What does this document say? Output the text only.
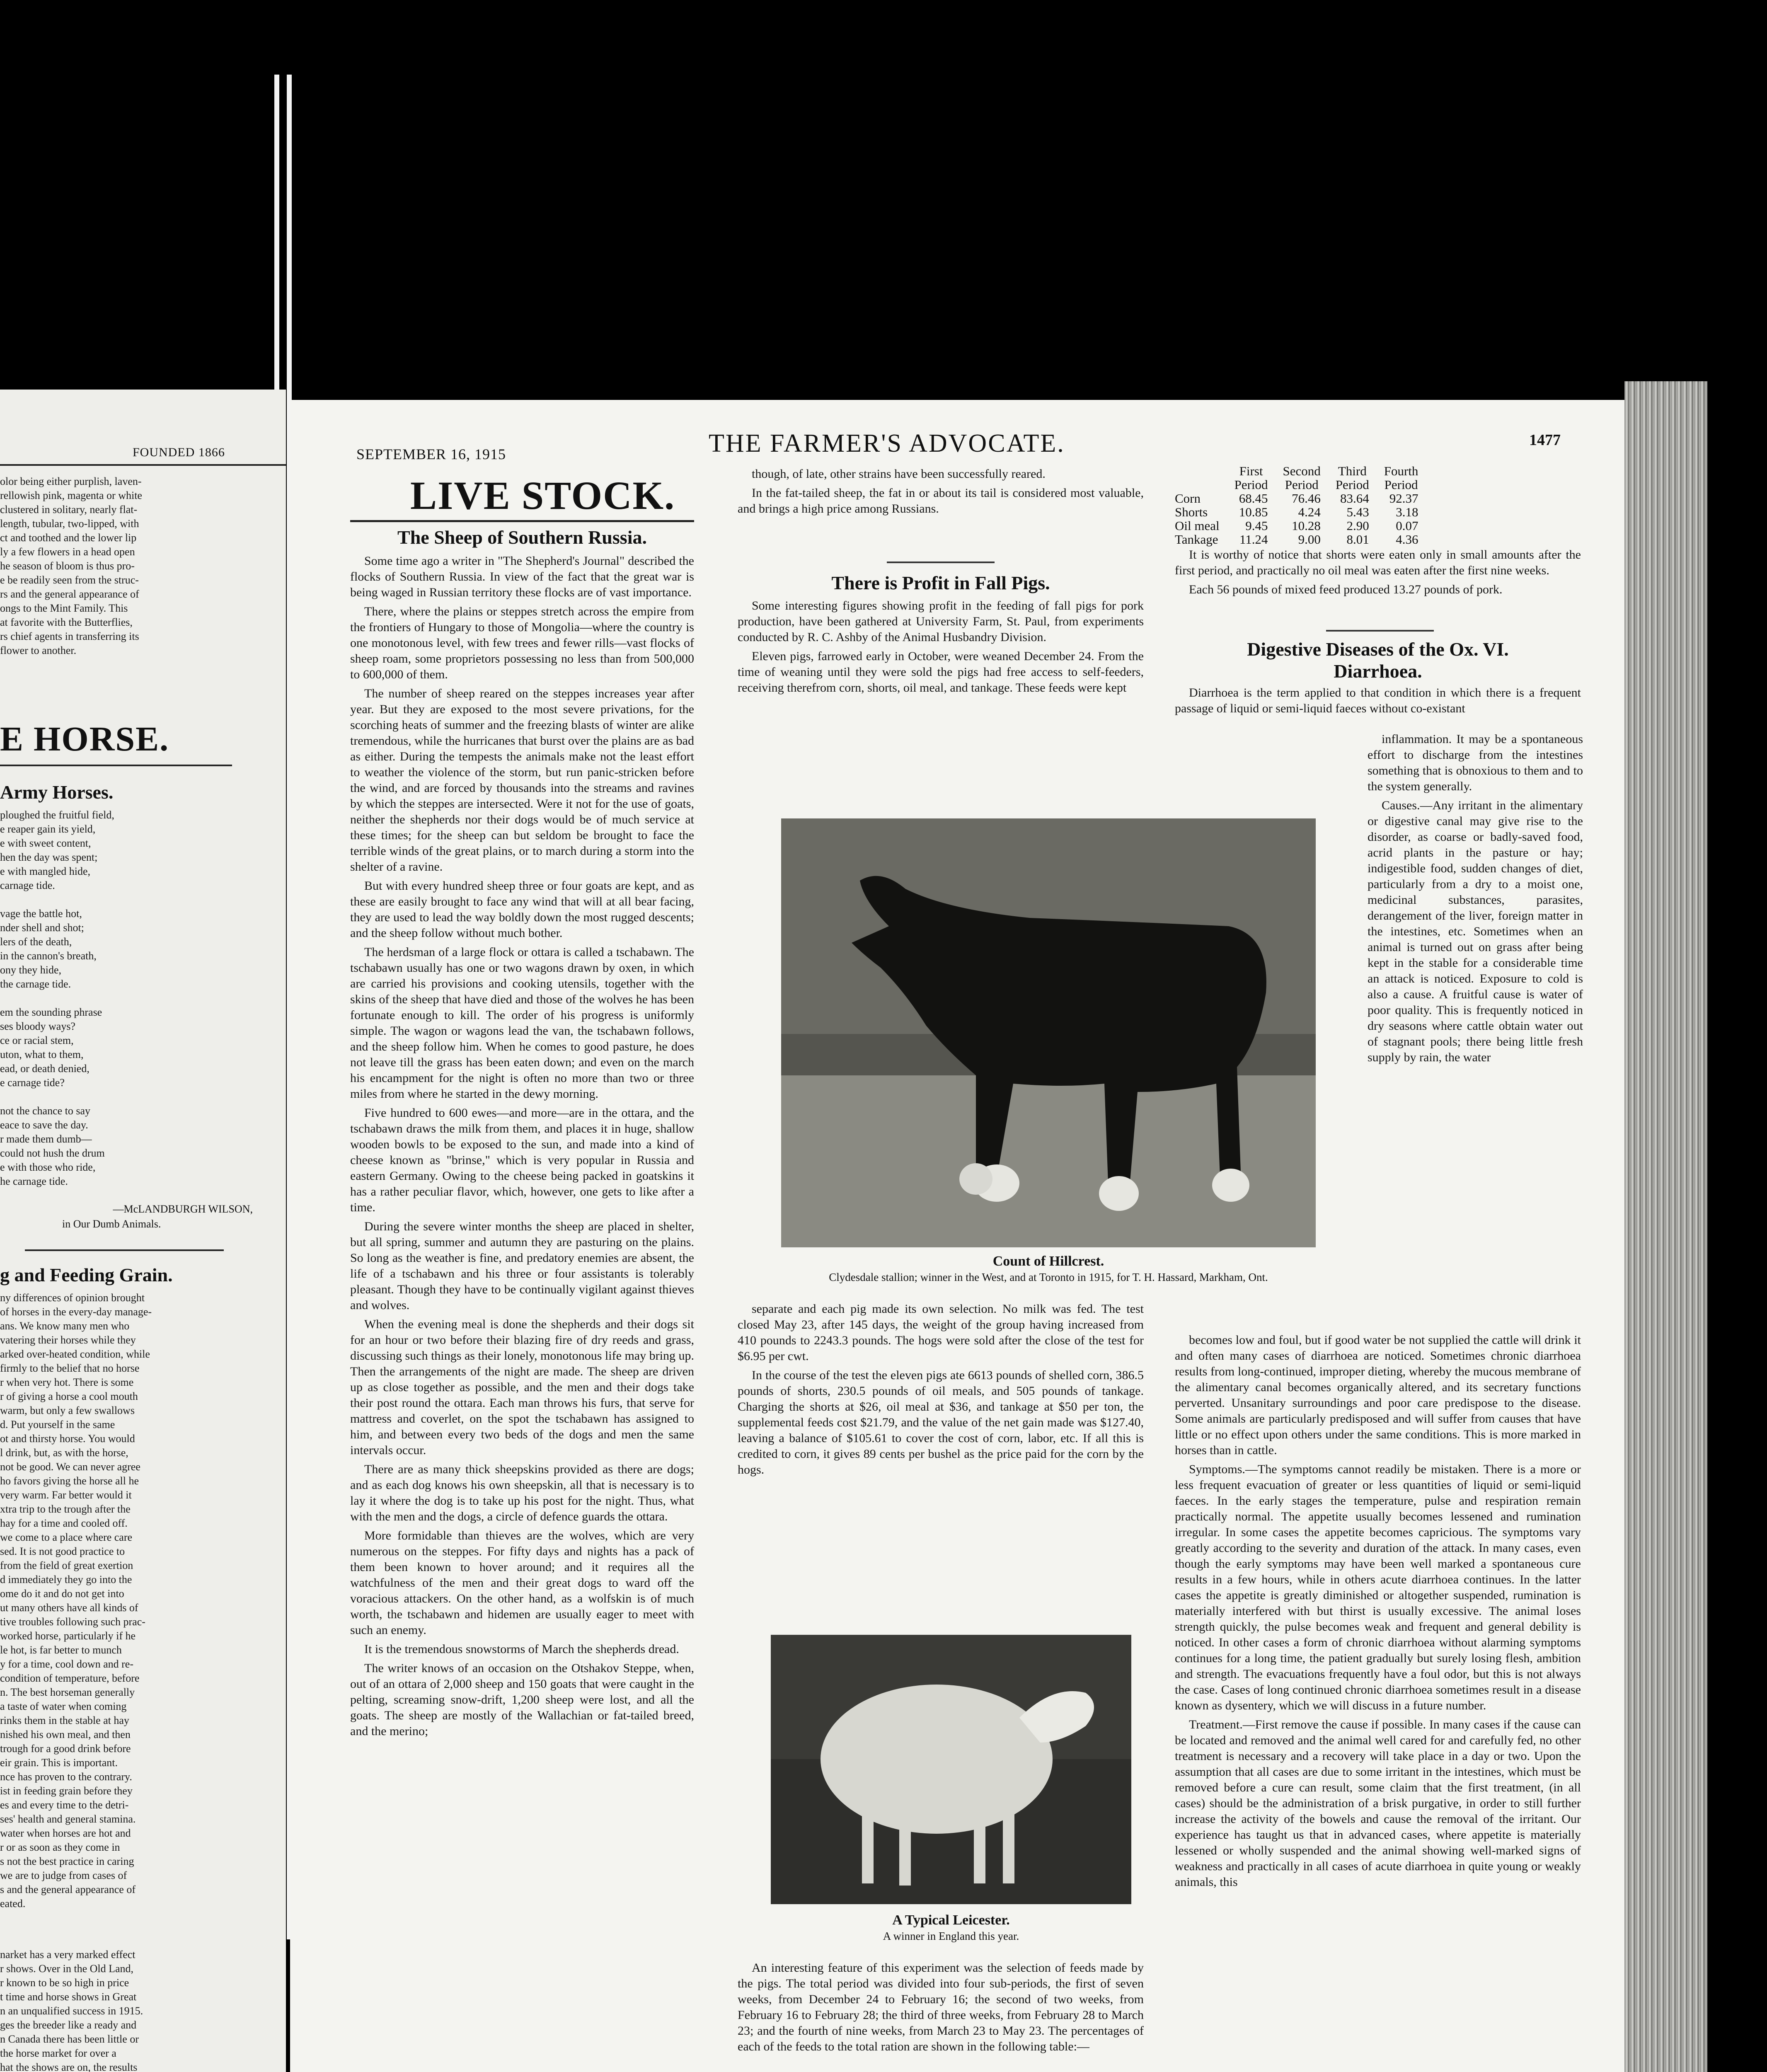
FOUNDED 1866
olor being either purplish, laven-
rellowish pink, magenta or white
clustered in solitary, nearly flat-
length, tubular, two-lipped, with
ct and toothed and the lower lip
ly a few flowers in a head open
he season of bloom is thus pro-
e be readily seen from the struc-
rs and the general appearance of
ongs to the Mint Family. This
at favorite with the Butterflies,
rs chief agents in transferring its
flower to another.
E HORSE.
Army Horses.
ploughed the fruitful field,
e reaper gain its yield,
e with sweet content,
hen the day was spent;
e with mangled hide,
carnage tide.

vage the battle hot,
nder shell and shot;
lers of the death,
in the cannon's breath,
ony they hide,
the carnage tide.

em the sounding phrase
ses bloody ways?
ce or racial stem,
uton, what to them,
ead, or death denied,
e carnage tide?

not the chance to say
eace to save the day.
r made them dumb—
could not hush the drum
e with those who ride,
he carnage tide.
—McLANDBURGH WILSON,
in Our Dumb Animals.
g and Feeding Grain.
ny differences of opinion brought
of horses in the every-day manage-
ans. We know many men who
vatering their horses while they
arked over-heated condition, while
firmly to the belief that no horse
r when very hot. There is some
r of giving a horse a cool mouth
warm, but only a few swallows
d. Put yourself in the same
ot and thirsty horse. You would
l drink, but, as with the horse,
not be good. We can never agree
ho favors giving the horse all he
very warm. Far better would it
xtra trip to the trough after the
hay for a time and cooled off.
we come to a place where care
sed. It is not good practice to
from the field of great exertion
d immediately they go into the
ome do it and do not get into
ut many others have all kinds of
tive troubles following such prac-
worked horse, particularly if he
le hot, is far better to munch
y for a time, cool down and re-
condition of temperature, before
n. The best horseman generally
a taste of water when coming
rinks them in the stable at hay
nished his own meal, and then
trough for a good drink before
eir grain. This is important.
nce has proven to the contrary.
ist in feeding grain before they
es and every time to the detri-
ses' health and general stamina.
water when horses are hot and
r or as soon as they come in
s not the best practice in caring
we are to judge from cases of
s and the general appearance of
eated.
narket has a very marked effect
r shows. Over in the Old Land,
r known to be so high in price
t time and horse shows in Great
n an unqualified success in 1915.
ges the breeder like a ready and
n Canada there has been little or
the horse market for over a
hat the shows are on, the results
SEPTEMBER 16, 1915	THE FARMER'S ADVOCATE.	1477
LIVE STOCK.
The Sheep of Southern Russia.

Some time ago a writer in "The Shepherd's Journal" described the flocks of Southern Russia. In view of the fact that the great war is being waged in Russian territory these flocks are of vast importance.

There, where the plains or steppes stretch across the empire from the frontiers of Hungary to those of Mongolia—where the country is one monotonous level, with few trees and fewer rills—vast flocks of sheep roam, some proprietors possessing no less than from 500,000 to 600,000 of them.

The number of sheep reared on the steppes increases year after year. But they are exposed to the most severe privations, for the scorching heats of summer and the freezing blasts of winter are alike tremendous, while the hurricanes that burst over the plains are as bad as either. During the tempests the animals make not the least effort to weather the violence of the storm, but run panic-stricken before the wind, and are forced by thousands into the streams and ravines by which the steppes are intersected. Were it not for the use of goats, neither the shepherds nor their dogs would be of much service at these times; for the sheep can but seldom be brought to face the terrible winds of the great plains, or to march during a storm into the shelter of a ravine.

But with every hundred sheep three or four goats are kept, and as these are easily brought to face any wind that will at all bear facing, they are used to lead the way boldly down the most rugged descents; and the sheep follow without much bother.

The herdsman of a large flock or ottara is called a tschabawn. The tschabawn usually has one or two wagons drawn by oxen, in which are carried his provisions and cooking utensils, together with the skins of the sheep that have died and those of the wolves he has been fortunate enough to kill. The order of his progress is uniformly simple. The wagon or wagons lead the van, the tschabawn follows, and the sheep follow him. When he comes to good pasture, he does not leave till the grass has been eaten down; and even on the march his encampment for the night is often no more than two or three miles from where he started in the dewy morning.

Five hundred to 600 ewes—and more—are in the ottara, and the tschabawn draws the milk from them, and places it in huge, shallow wooden bowls to be exposed to the sun, and made into a kind of cheese known as "brinse," which is very popular in Russia and eastern Germany. Owing to the cheese being packed in goatskins it has a rather peculiar flavor, which, however, one gets to like after a time.

During the severe winter months the sheep are placed in shelter, but all spring, summer and autumn they are pasturing on the plains. So long as the weather is fine, and predatory enemies are absent, the life of a tschabawn and his three or four assistants is tolerably pleasant. Though they have to be continually vigilant against thieves and wolves.

When the evening meal is done the shepherds and their dogs sit for an hour or two before their blazing fire of dry reeds and grass, discussing such things as their lonely, monotonous life may bring up. Then the arrangements of the night are made. The sheep are driven up as close together as possible, and the men and their dogs take their post round the ottara. Each man throws his furs, that serve for mattress and coverlet, on the spot the tschabawn has assigned to him, and between every two beds of the dogs and men the same intervals occur.

There are as many thick sheepskins provided as there are dogs; and as each dog knows his own sheepskin, all that is necessary is to lay it where the dog is to take up his post for the night. Thus, what with the men and the dogs, a circle of defence guards the ottara.

More formidable than thieves are the wolves, which are very numerous on the steppes. For fifty days and nights has a pack of them been known to hover around; and it requires all the watchfulness of the men and their great dogs to ward off the voracious attackers. On the other hand, as a wolfskin is of much worth, the tschabawn and hidemen are usually eager to meet with such an enemy.

It is the tremendous snowstorms of March the shepherds dread.

The writer knows of an occasion on the Otshakov Steppe, when, out of an ottara of 2,000 sheep and 150 goats that were caught in the pelting, screaming snow-drift, 1,200 sheep were lost, and all the goats. The sheep are mostly of the Wallachian or fat-tailed breed, and the merino;

though, of late, other strains have been successfully reared.

In the fat-tailed sheep, the fat in or about its tail is considered most valuable, and brings a high price among Russians.

There is Profit in Fall Pigs.

Some interesting figures showing profit in the feeding of fall pigs for pork production, have been gathered at University Farm, St. Paul, from experiments conducted by R. C. Ashby of the Animal Husbandry Division.

Eleven pigs, farrowed early in October, were weaned December 24. From the time of weaning until they were sold the pigs had free access to self-feeders, receiving therefrom corn, shorts, oil meal, and tankage. These feeds were kept

Count of Hillcrest.
Clydesdale stallion; winner in the West, and at Toronto in 1915, for T. H. Hassard, Markham, Ont.

separate and each pig made its own selection. No milk was fed. The test closed May 23, after 145 days, the weight of the group having increased from 410 pounds to 2243.3 pounds. The hogs were sold after the close of the test for $6.95 per cwt.

In the course of the test the eleven pigs ate 6613 pounds of shelled corn, 386.5 pounds of shorts, 230.5 pounds of oil meals, and 505 pounds of tankage. Charging the shorts at $26, oil meal at $36, and tankage at $50 per ton, the supplemental feeds cost $21.79, and the value of the net gain made was $127.40, leaving a balance of $105.61 to cover the cost of corn, labor, etc. If all this is credited to corn, it gives 89 cents per bushel as the price paid for the corn by the hogs.

A Typical Leicester.
A winner in England this year.

An interesting feature of this experiment was the selection of feeds made by the pigs. The total period was divided into four sub-periods, the first of seven weeks, from December 24 to February 16; the second of two weeks, from February 16 to February 28; the third of three weeks, from February 28 to March 23; and the fourth of nine weeks, from March 23 to May 23. The percentages of each of the feeds to the total ration are shown in the following table:—

	First	Second	Third	Fourth
	Period	Period	Period	Period
Corn	68.45	76.46	83.64	92.37
Shorts	10.85	4.24	5.43	3.18
Oil meal	9.45	10.28	2.90	0.07
Tankage	11.24	9.00	8.01	4.36

It is worthy of notice that shorts were eaten only in small amounts after the first period, and practically no oil meal was eaten after the first nine weeks.

Each 56 pounds of mixed feed produced 13.27 pounds of pork.

Digestive Diseases of the Ox. VI.
Diarrhoea.

Diarrhoea is the term applied to that condition in which there is a frequent passage of liquid or semi-liquid faeces without co-existant

inflammation. It may be a spontaneous effort to discharge from the intestines something that is obnoxious to them and to the system generally.

Causes.—Any irritant in the alimentary or digestive canal may give rise to the disorder, as coarse or badly-saved food, acrid plants in the pasture or hay; indigestible food, sudden changes of diet, particularly from a dry to a moist one, medicinal substances, parasites, derangement of the liver, foreign matter in the intestines, etc. Sometimes when an animal is turned out on grass after being kept in the stable for a considerable time an attack is noticed. Exposure to cold is also a cause. A fruitful cause is water of poor quality. This is frequently noticed in dry seasons where cattle obtain water out of stagnant pools; there being little fresh supply by rain, the water

becomes low and foul, but if good water be not supplied the cattle will drink it and often many cases of diarrhoea are noticed. Sometimes chronic diarrhoea results from long-continued, improper dieting, whereby the mucous membrane of the alimentary canal becomes organically altered, and its secretary functions perverted. Unsanitary surroundings and poor care predispose to the disease. Some animals are particularly predisposed and will suffer from causes that have little or no effect upon others under the same conditions. This is more marked in horses than in cattle.

Symptoms.—The symptoms cannot readily be mistaken. There is a more or less frequent evacuation of greater or less quantities of liquid or semi-liquid faeces. In the early stages the temperature, pulse and respiration remain practically normal. The appetite usually becomes lessened and rumination irregular. In some cases the appetite becomes capricious. The symptoms vary greatly according to the severity and duration of the attack. In many cases, even though the early symptoms may have been well marked a spontaneous cure results in a few hours, while in others acute diarrhoea continues. In the latter cases the appetite is greatly diminished or altogether suspended, rumination is materially interfered with but thirst is usually excessive. The animal loses strength quickly, the pulse becomes weak and frequent and general debility is noticed. In other cases a form of chronic diarrhoea without alarming symptoms continues for a long time, the patient gradually but surely losing flesh, ambition and strength. The evacuations frequently have a foul odor, but this is not always the case. Cases of long continued chronic diarrhoea sometimes result in a disease known as dysentery, which we will discuss in a future number.

Treatment.—First remove the cause if possible. In many cases if the cause can be located and removed and the animal well cared for and carefully fed, no other treatment is necessary and a recovery will take place in a day or two. Upon the assumption that all cases are due to some irritant in the intestines, which must be removed before a cure can result, some claim that the first treatment, (in all cases) should be the administration of a brisk purgative, in order to still further increase the activity of the bowels and cause the removal of the irritant. Our experience has taught us that in advanced cases, where appetite is materially lessened or wholly suspended and the animal showing well-marked signs of weakness and practically in all cases of acute diarrhoea in quite young or weakly animals, this
